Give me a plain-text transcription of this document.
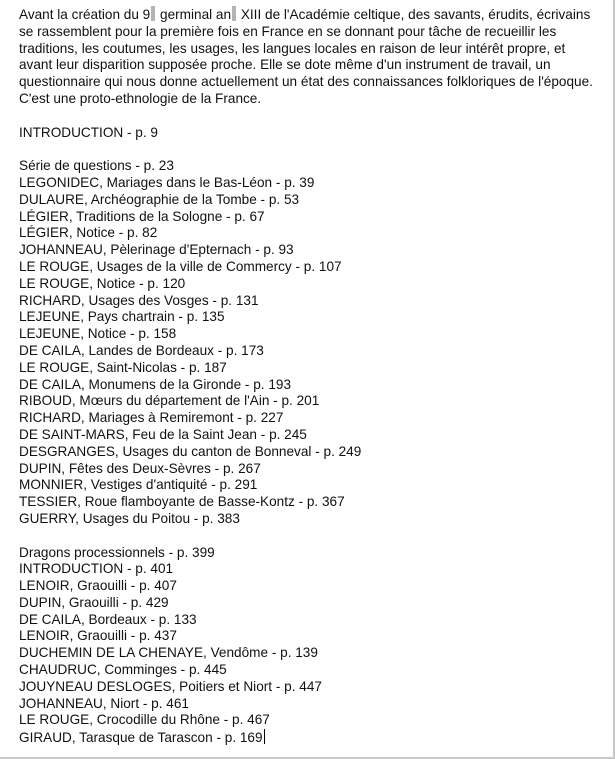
Avant la création du 9 germinal an XIII de l'Académie celtique, des savants, érudits, écrivains se rassemblent pour la première fois en France en se donnant pour tâche de recueillir les traditions, les coutumes, les usages, les langues locales en raison de leur intérêt propre, et avant leur disparition supposée proche. Elle se dote même d'un instrument de travail, un questionnaire qui nous donne actuellement un état des connaissances folkloriques de l'époque. C'est une proto-ethnologie de la France.

INTRODUCTION - p. 9
Série de questions - p. 23
LEGONIDEC, Mariages dans le Bas-Léon - p. 39
DULAURE, Archéographie de la Tombe - p. 53
LÉGIER, Traditions de la Sologne - p. 67
LÉGIER, Notice - p. 82
JOHANNEAU, Pèlerinage d'Epternach - p. 93
LE ROUGE, Usages de la ville de Commercy - p. 107
LE ROUGE, Notice - p. 120
RICHARD, Usages des Vosges - p. 131
LEJEUNE, Pays chartrain - p. 135
LEJEUNE, Notice - p. 158
DE CAILA, Landes de Bordeaux - p. 173
LE ROUGE, Saint-Nicolas - p. 187
DE CAILA, Monumens de la Gironde - p. 193
RIBOUD, Mœurs du département de l'Ain - p. 201
RICHARD, Mariages à Remiremont - p. 227
DE SAINT-MARS, Feu de la Saint Jean - p. 245
DESGRANGES, Usages du canton de Bonneval - p. 249
DUPIN, Fêtes des Deux-Sèvres - p. 267
MONNIER, Vestiges d'antiquité - p. 291
TESSIER, Roue flamboyante de Basse-Kontz - p. 367
GUERRY, Usages du Poitou - p. 383
Dragons processionnels - p. 399
INTRODUCTION - p. 401
LENOIR, Graouilli - p. 407
DUPIN, Graouilli - p. 429
DE CAILA, Bordeaux - p. 133
LENOIR, Graouilli - p. 437
DUCHEMIN DE LA CHENAYE, Vendôme - p. 139
CHAUDRUC, Comminges - p. 445
JOUYNEAU DESLOGES, Poitiers et Niort - p. 447
JOHANNEAU, Niort - p. 461
LE ROUGE, Crocodille du Rhône - p. 467
GIRAUD, Tarasque de Tarascon - p. 169
